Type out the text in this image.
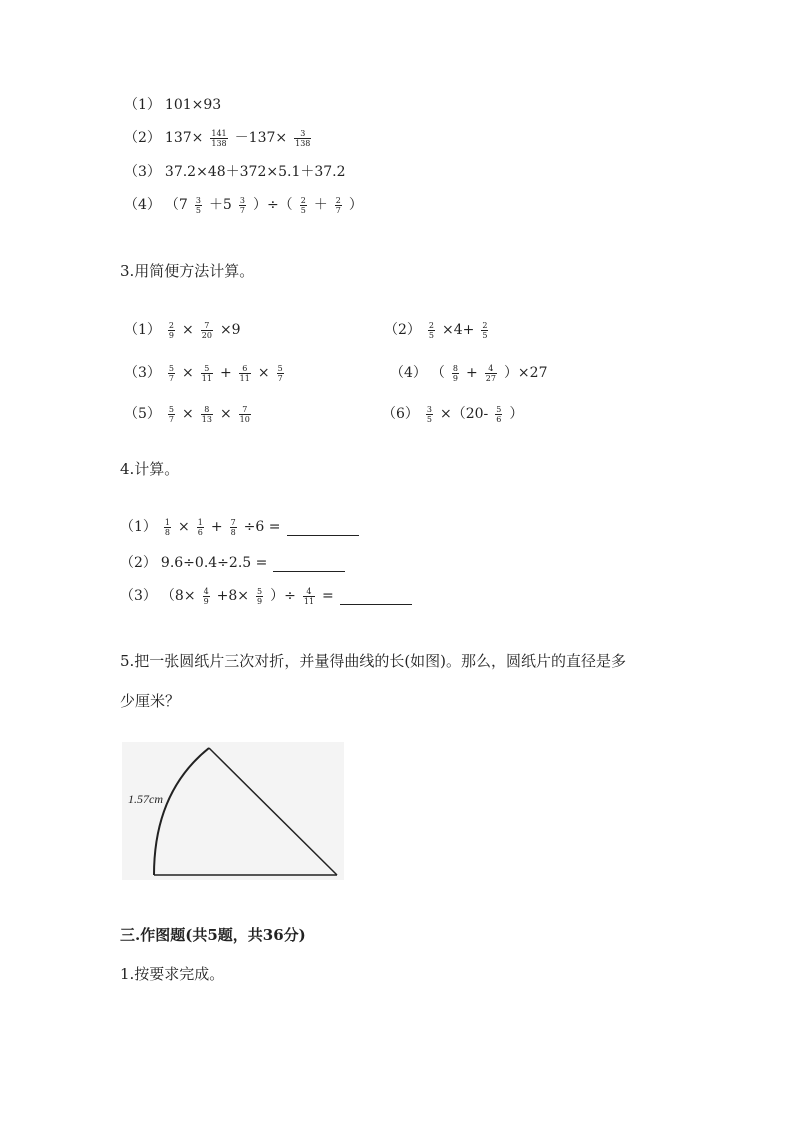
（1） 101×93
（2） $137\times \frac{141}{138} -137\times \frac{3}{138}$
（3） 37.2×48＋372×5.1＋37.2
（4） （$7 \frac{3}{5} +5 \frac{3}{7}$ ）÷（ $\frac{2}{5} + \frac{2}{7}$ ）
3.用简便方法计算。
$(1) \frac{2}{9} \times \frac{7}{20} \times 9$	$(2) \frac{2}{5} \times 4+ \frac{2}{5}$
$(3) \frac{5}{7} \times \frac{5}{11} + \frac{6}{11} \times \frac{5}{7}$	（4） （ $\frac{8}{9} + \frac{4}{27} )\times 27$
$(5) \frac{5}{7} \times \frac{8}{13} \times \frac{7}{10}$	$(6) \frac{3}{5} \times(20- \frac{5}{6}$ ）
4.计算。
$(1) \frac{1}{8} \times \frac{1}{6} + \frac{7}{8} \div 6$ =
（2） 9.6÷0.4÷2.5 =
（3） （$8\times \frac{4}{9} +8\times \frac{5}{9}$ ）÷ $\frac{4}{11}$ =
5.把一张圆纸片三次对折，并量得曲线的长(如图)。那么，圆纸片的直径是多
少厘米？
1.57cm
三.作图题(共5题，共36分)
1.按要求完成。
